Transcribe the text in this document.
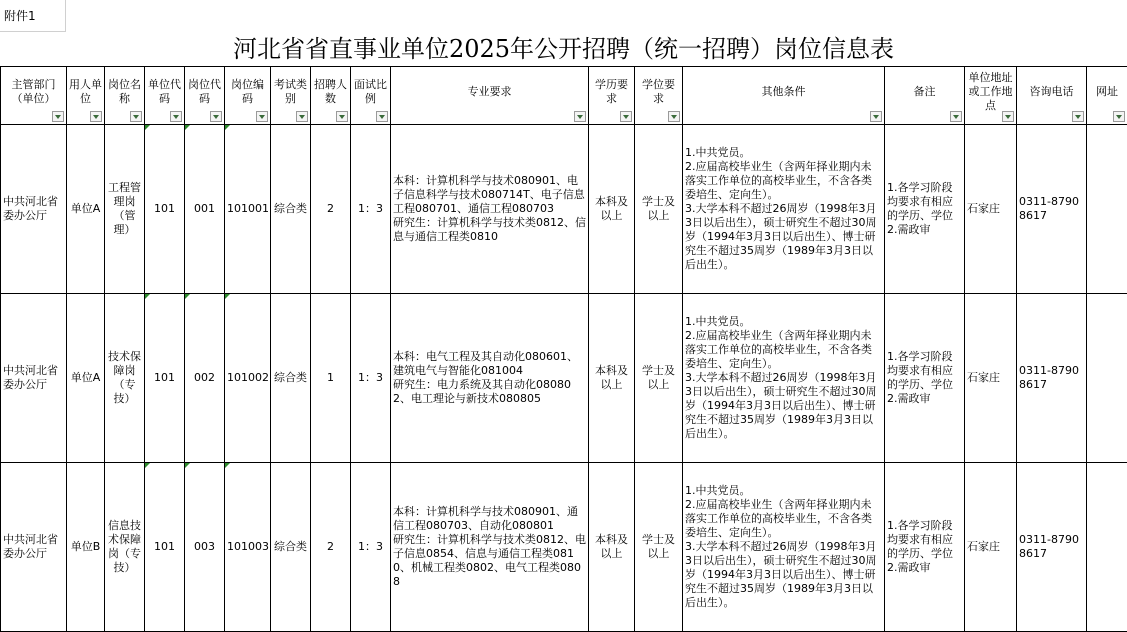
附件1
河北省省直事业单位2025年公开招聘（统一招聘）岗位信息表
主管部门（单位）	用人单位	岗位名称	单位代码	岗位代码	岗位编码	考试类别	招聘人数	面试比例	专业要求	学历要求	学位要求	其他条件	备注	单位地址或工作地点	咨询电话	网址

中共河北省委办公厅	单位A	工程管理岗（管理）	101	001	101001	综合类	2	1：3	本科：计算机科学与技术080901、电子信息科学与技术080714T、电子信息工程080701、通信工程080703
研究生：计算机科学与技术类0812、信息与通信工程类0810	本科及以上	学士及以上	1.中共党员。
2.应届高校毕业生（含两年择业期内未落实工作单位的高校毕业生，不含各类委培生、定向生）。
3.大学本科不超过26周岁（1998年3月3日以后出生），硕士研究生不超过30周岁（1994年3月3日以后出生）、博士研究生不超过35周岁（1989年3月3日以后出生）。	1.各学习阶段均要求有相应的学历、学位2.需政审	石家庄	0311-87908617	
中共河北省委办公厅	单位A	技术保障岗（专技）	101	002	101002	综合类	1	1：3	本科：电气工程及其自动化080601、建筑电气与智能化081004
研究生：电力系统及其自动化080802、电工理论与新技术080805	本科及以上	学士及以上	1.中共党员。
2.应届高校毕业生（含两年择业期内未落实工作单位的高校毕业生，不含各类委培生、定向生）。
3.大学本科不超过26周岁（1998年3月3日以后出生），硕士研究生不超过30周岁（1994年3月3日以后出生）、博士研究生不超过35周岁（1989年3月3日以后出生）。	1.各学习阶段均要求有相应的学历、学位2.需政审	石家庄	0311-87908617	
中共河北省委办公厅	单位B	信息技术保障岗（专技）	101	003	101003	综合类	2	1：3	本科：计算机科学与技术080901、通信工程080703、自动化080801
研究生：计算机科学与技术类0812、电子信息0854、信息与通信工程类0810、机械工程类0802、电气工程类0808	本科及以上	学士及以上	1.中共党员。
2.应届高校毕业生（含两年择业期内未落实工作单位的高校毕业生，不含各类委培生、定向生）。
3.大学本科不超过26周岁（1998年3月3日以后出生），硕士研究生不超过30周岁（1994年3月3日以后出生）、博士研究生不超过35周岁（1989年3月3日以后出生）。	1.各学习阶段均要求有相应的学历、学位2.需政审	石家庄	0311-87908617	
